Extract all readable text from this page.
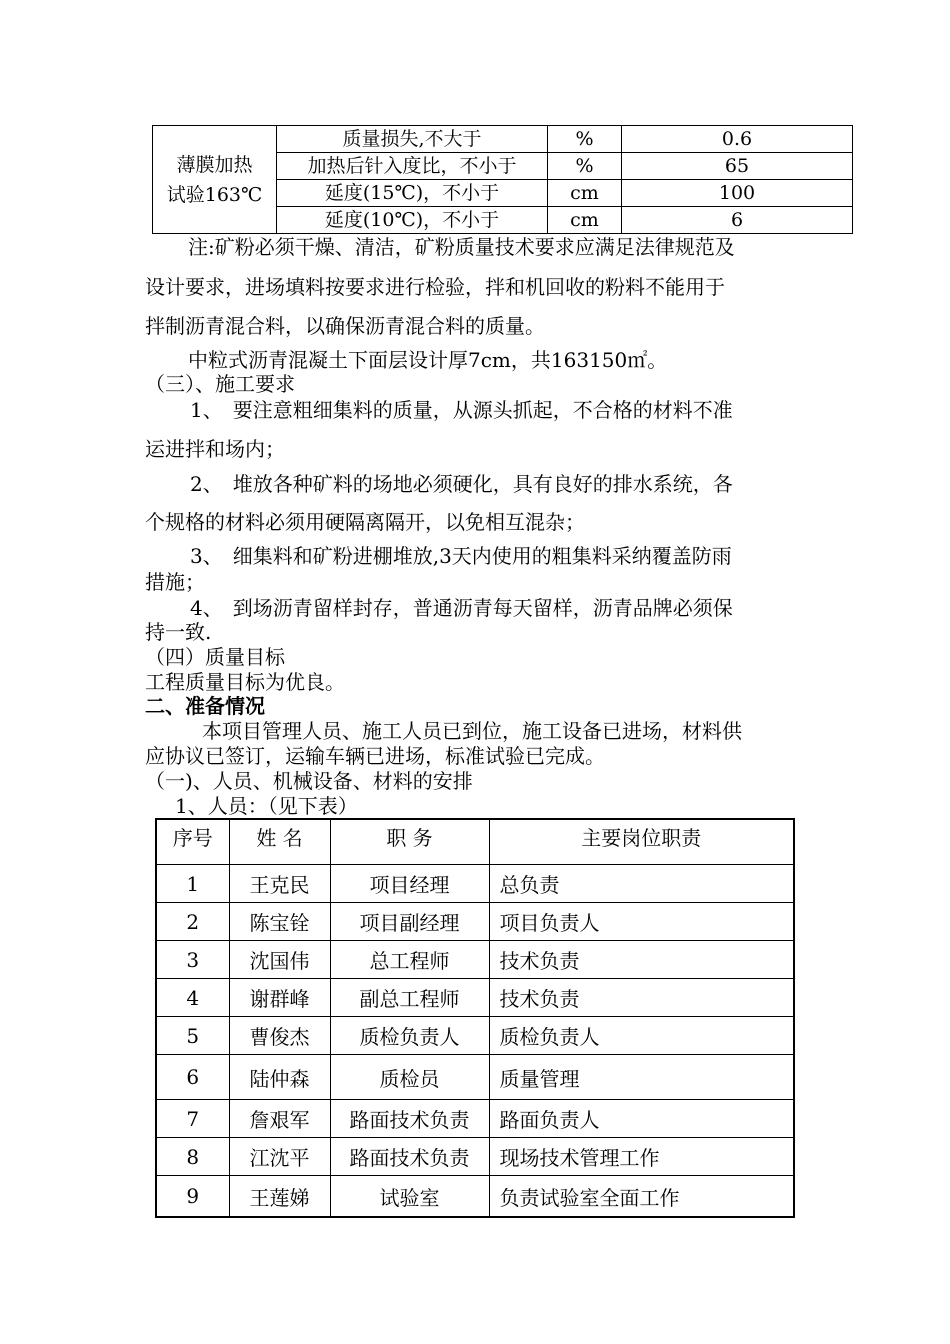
薄膜加热
试验163℃	质量损失,不大于	%	0.6
	加热后针入度比，不小于	%	65
	延度(15℃)，不小于	cm	100
	延度(10℃)，不小于	cm	6
注:矿粉必须干燥、清洁，矿粉质量技术要求应满足法律规范及
设计要求，进场填料按要求进行检验，拌和机回收的粉料不能用于
拌制沥青混合料，以确保沥青混合料的质量。
中粒式沥青混凝土下面层设计厚7cm，共163150㎡。
（三）、施工要求
1、　要注意粗细集料的质量，从源头抓起，不合格的材料不准
运进拌和场内；
2、　堆放各种矿料的场地必须硬化，具有良好的排水系统，各
个规格的材料必须用硬隔离隔开，以免相互混杂；
3、　细集料和矿粉进棚堆放,3天内使用的粗集料采纳覆盖防雨
措施；
4、　到场沥青留样封存，普通沥青每天留样，沥青品牌必须保
持一致.
（四）质量目标
工程质量目标为优良。
二、准备情况
本项目管理人员、施工人员已到位，施工设备已进场，材料供
应协议已签订，运输车辆已进场，标准试验已完成。
（一)、人员、机械设备、材料的安排
1、人员：（见下表）
序号	姓 名	职 务	主要岗位职责
1	王克民	项目经理	总负责
2	陈宝铨	项目副经理	项目负责人
3	沈国伟	总工程师	技术负责
4	谢群峰	副总工程师	技术负责
5	曹俊杰	质检负责人	质检负责人
6	陆仲森	质检员	质量管理
7	詹艰军	路面技术负责	路面负责人
8	江沈平	路面技术负责	现场技术管理工作
9	王莲娣	试验室	负责试验室全面工作
